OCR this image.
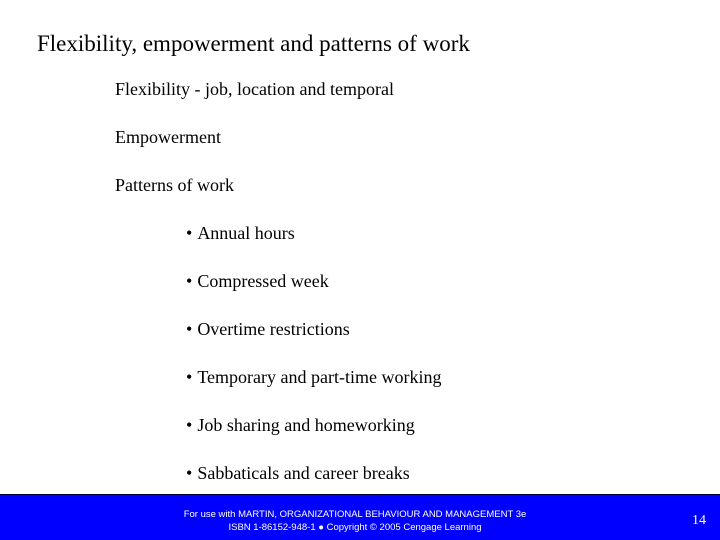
Flexibility, empowerment and patterns of work
Flexibility - job, location and temporal
Empowerment
Patterns of work
• Annual hours
• Compressed week
• Overtime restrictions
• Temporary and part-time working
• Job sharing and homeworking
• Sabbaticals and career breaks
For use with MARTIN, ORGANIZATIONAL BEHAVIOUR AND MANAGEMENT 3e
ISBN 1-86152-948-1 ● Copyright © 2005 Cengage Learning	14
